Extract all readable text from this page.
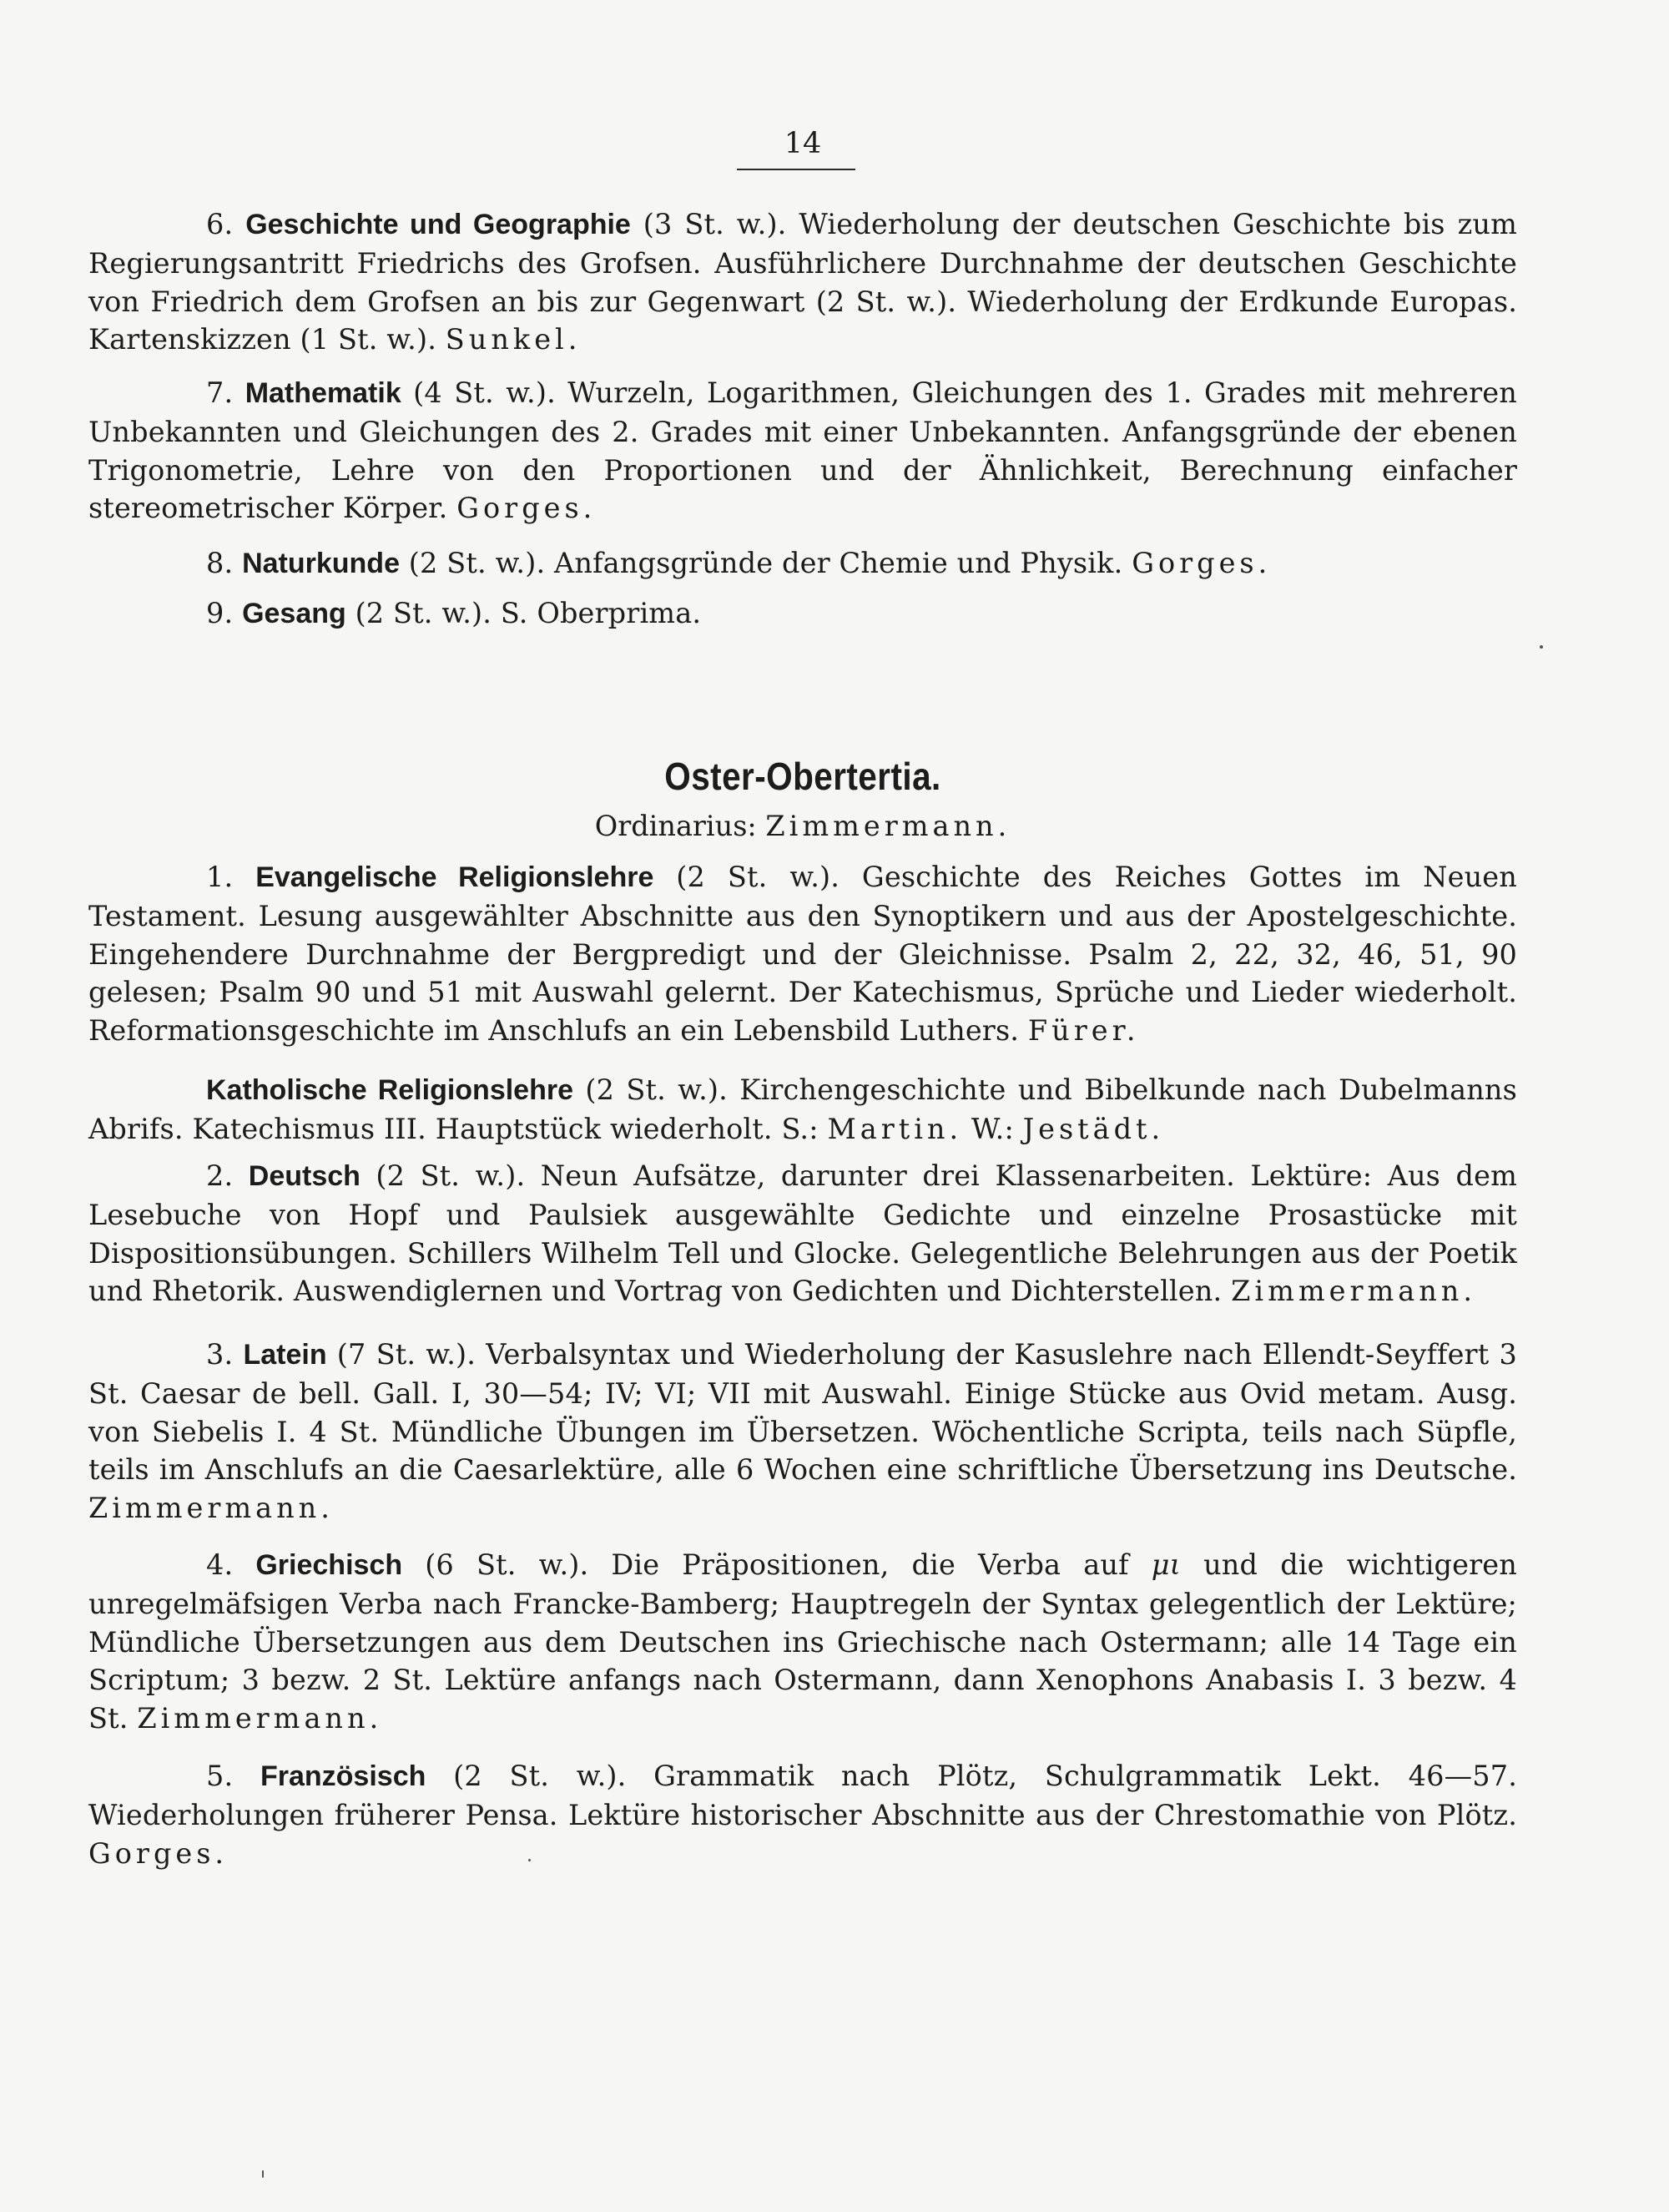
14

6. Geschichte und Geographie (3 St. w.). Wiederholung der deutschen Geschichte bis zum Regierungsantritt Friedrichs des Grofsen. Ausführlichere Durchnahme der deutschen Geschichte von Friedrich dem Grofsen an bis zur Gegenwart (2 St. w.). Wiederholung der Erdkunde Europas. Kartenskizzen (1 St. w.). Sunkel.

7. Mathematik (4 St. w.). Wurzeln, Logarithmen, Gleichungen des 1. Grades mit mehreren Unbekannten und Gleichungen des 2. Grades mit einer Unbekannten. Anfangsgründe der ebenen Trigonometrie, Lehre von den Proportionen und der Ähnlichkeit, Berechnung einfacher stereometrischer Körper. Gorges.

8. Naturkunde (2 St. w.). Anfangsgründe der Chemie und Physik. Gorges.

9. Gesang (2 St. w.). S. Oberprima.

Oster-Obertertia.
Ordinarius: Zimmermann.

1. Evangelische Religionslehre (2 St. w.). Geschichte des Reiches Gottes im Neuen Testament. Lesung ausgewählter Abschnitte aus den Synoptikern und aus der Apostelgeschichte. Eingehendere Durchnahme der Bergpredigt und der Gleichnisse. Psalm 2, 22, 32, 46, 51, 90 gelesen; Psalm 90 und 51 mit Auswahl gelernt. Der Katechismus, Sprüche und Lieder wiederholt. Reformationsgeschichte im Anschlufs an ein Lebensbild Luthers. Fürer.

Katholische Religionslehre (2 St. w.). Kirchengeschichte und Bibelkunde nach Dubelmanns Abrifs. Katechismus III. Hauptstück wiederholt. S.: Martin. W.: Jestädt.

2. Deutsch (2 St. w.). Neun Aufsätze, darunter drei Klassenarbeiten. Lektüre: Aus dem Lesebuche von Hopf und Paulsiek ausgewählte Gedichte und einzelne Prosastücke mit Dispositionsübungen. Schillers Wilhelm Tell und Glocke. Gelegentliche Belehrungen aus der Poetik und Rhetorik. Auswendiglernen und Vortrag von Gedichten und Dichterstellen. Zimmermann.

3. Latein (7 St. w.). Verbalsyntax und Wiederholung der Kasuslehre nach Ellendt-Seyffert 3 St. Caesar de bell. Gall. I, 30—54; IV; VI; VII mit Auswahl. Einige Stücke aus Ovid metam. Ausg. von Siebelis I. 4 St. Mündliche Übungen im Übersetzen. Wöchentliche Scripta, teils nach Süpfle, teils im Anschlufs an die Caesarlektüre, alle 6 Wochen eine schriftliche Übersetzung ins Deutsche. Zimmermann.

4. Griechisch (6 St. w.). Die Präpositionen, die Verba auf μι und die wichtigeren unregelmäfsigen Verba nach Francke-Bamberg; Hauptregeln der Syntax gelegentlich der Lektüre; Mündliche Übersetzungen aus dem Deutschen ins Griechische nach Ostermann; alle 14 Tage ein Scriptum; 3 bezw. 2 St. Lektüre anfangs nach Ostermann, dann Xenophons Anabasis I. 3 bezw. 4 St. Zimmermann.

5. Französisch (2 St. w.). Grammatik nach Plötz, Schulgrammatik Lekt. 46—57. Wiederholungen früherer Pensa. Lektüre historischer Abschnitte aus der Chrestomathie von Plötz. Gorges.
